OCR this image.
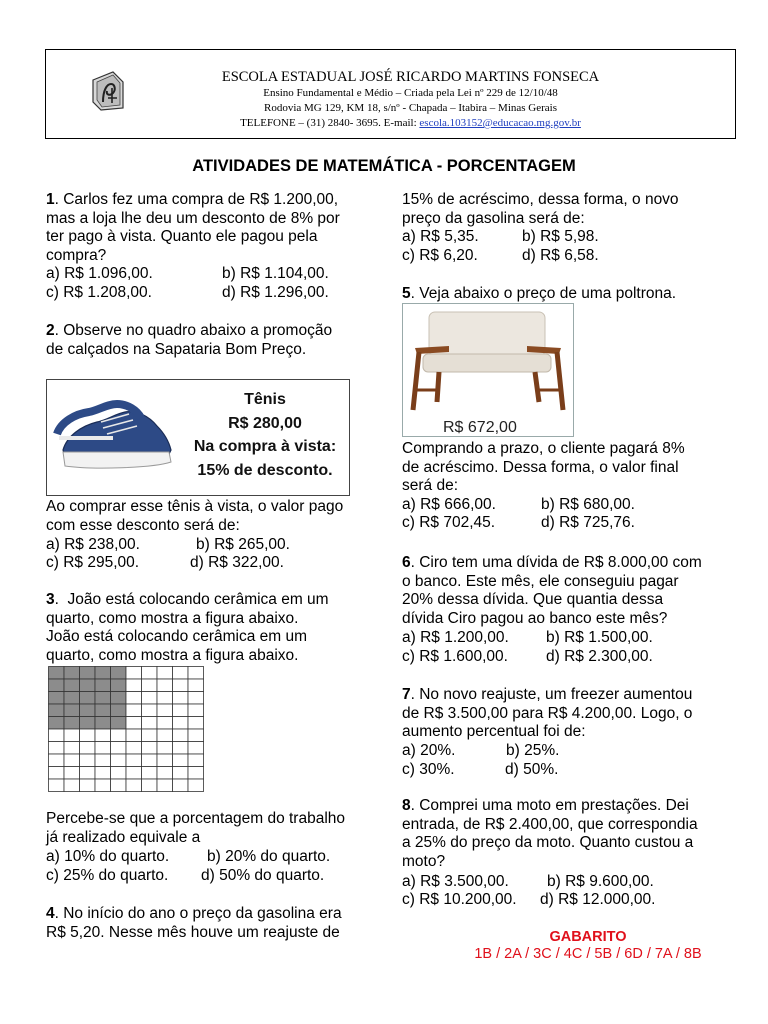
ESCOLA ESTADUAL JOSÉ RICARDO MARTINS FONSECA
Ensino Fundamental e Médio – Criada pela Lei nº 229 de 12/10/48
Rodovia MG 129, KM 18, s/nº - Chapada – Itabira – Minas Gerais
TELEFONE – (31) 2840- 3695. E-mail: escola.103152@educacao.mg.gov.br
ATIVIDADES DE MATEMÁTICA - PORCENTAGEM
1. Carlos fez uma compra de R$ 1.200,00,
mas a loja lhe deu um desconto de 8% por
ter pago à vista. Quanto ele pagou pela
compra?
a) R$ 1.096,00.	b) R$ 1.104,00.
c) R$ 1.208,00.	d) R$ 1.296,00.
2. Observe no quadro abaixo a promoção
de calçados na Sapataria Bom Preço.
Tênis
R$ 280,00
Na compra à vista:
15% de desconto.
Ao comprar esse tênis à vista, o valor pago
com esse desconto será de:
a) R$ 238,00.	b) R$ 265,00.
c) R$ 295,00.	d) R$ 322,00.
3.  João está colocando cerâmica em um
quarto, como mostra a figura abaixo.
João está colocando cerâmica em um
quarto, como mostra a figura abaixo.
Percebe-se que a porcentagem do trabalho
já realizado equivale a
a) 10% do quarto. b) 20% do quarto.
c) 25% do quarto. d) 50% do quarto.
4. No início do ano o preço da gasolina era
R$ 5,20. Nesse mês houve um reajuste de
15% de acréscimo, dessa forma, o novo
preço da gasolina será de:
a) R$ 5,35.	b) R$ 5,98.
c) R$ 6,20.	d) R$ 6,58.
5. Veja abaixo o preço de uma poltrona.
R$ 672,00
Comprando a prazo, o cliente pagará 8%
de acréscimo. Dessa forma, o valor final
será de:
a) R$ 666,00.	b) R$ 680,00.
c) R$ 702,45.	d) R$ 725,76.
6. Ciro tem uma dívida de R$ 8.000,00 com
o banco. Este mês, ele conseguiu pagar
20% dessa dívida. Que quantia dessa
dívida Ciro pagou ao banco este mês?
a) R$ 1.200,00. b) R$ 1.500,00.
c) R$ 1.600,00. d) R$ 2.300,00.
7. No novo reajuste, um freezer aumentou
de R$ 3.500,00 para R$ 4.200,00. Logo, o
aumento percentual foi de:
a) 20%.	b) 25%.
c) 30%.	d) 50%.
8. Comprei uma moto em prestações. Dei
entrada, de R$ 2.400,00, que correspondia
a 25% do preço da moto. Quanto custou a
moto?
a) R$ 3.500,00. b) R$ 9.600,00.
c) R$ 10.200,00. d) R$ 12.000,00.
GABARITO
1B / 2A / 3C / 4C / 5B / 6D / 7A / 8B
